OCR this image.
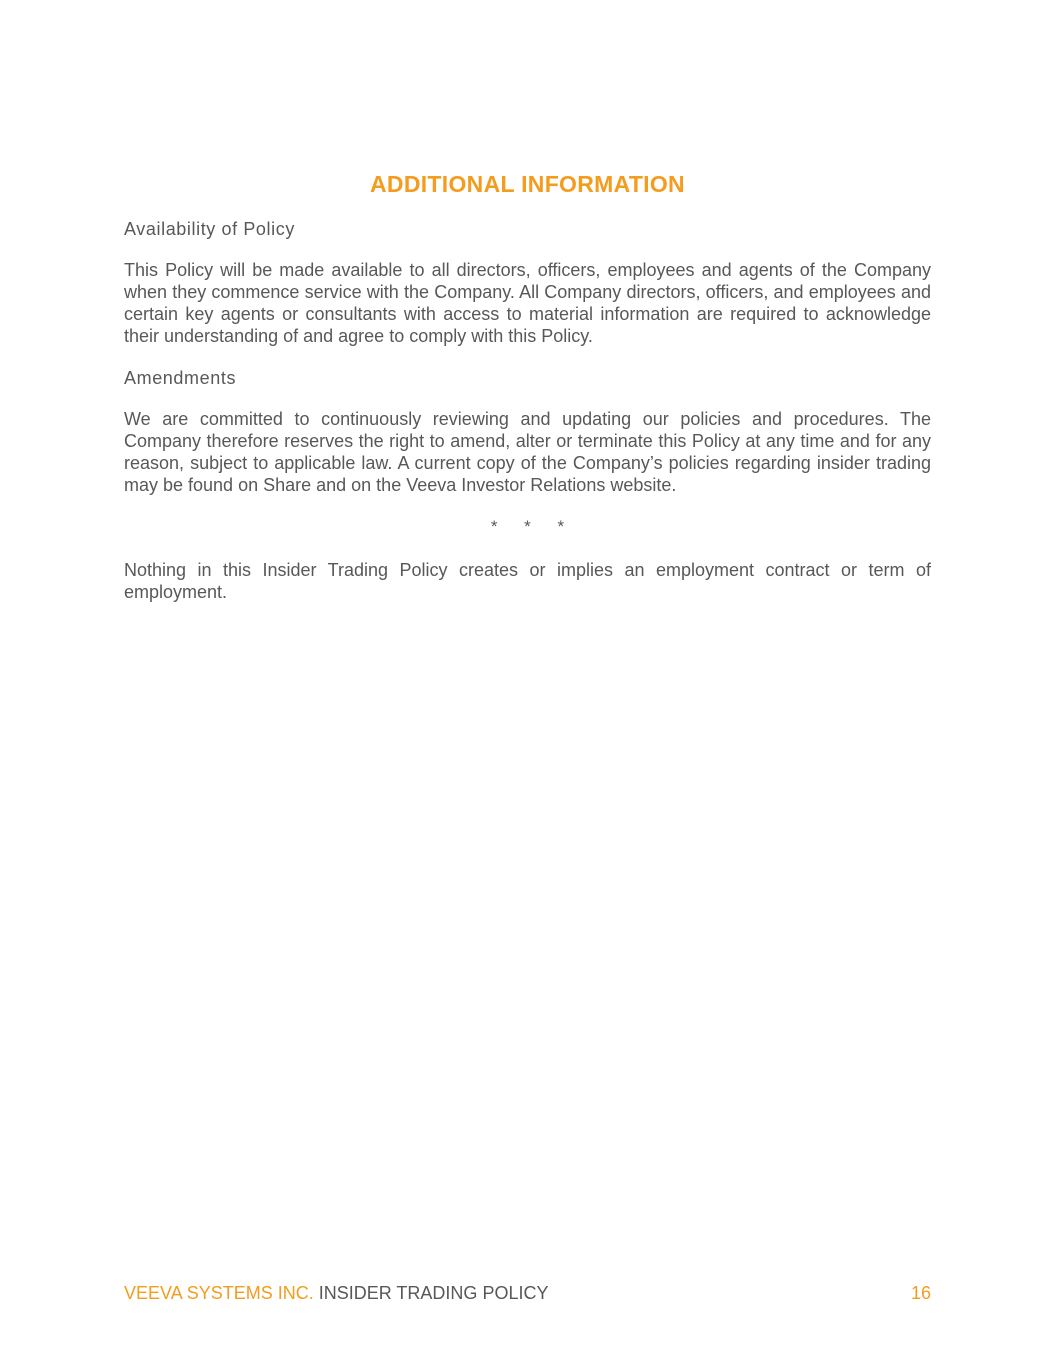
ADDITIONAL INFORMATION
Availability of Policy

This Policy will be made available to all directors, officers, employees and agents of the Company when they commence service with the Company. All Company directors, officers, and employees and certain key agents or consultants with access to material information are required to acknowledge their understanding of and agree to comply with this Policy.

Amendments

We are committed to continuously reviewing and updating our policies and procedures. The Company therefore reserves the right to amend, alter or terminate this Policy at any time and for any reason, subject to applicable law. A current copy of the Company’s policies regarding insider trading may be found on Share and on the Veeva Investor Relations website.

* * *

Nothing in this Insider Trading Policy creates or implies an employment contract or term of employment.

VEEVA SYSTEMS INC. INSIDER TRADING POLICY	16
